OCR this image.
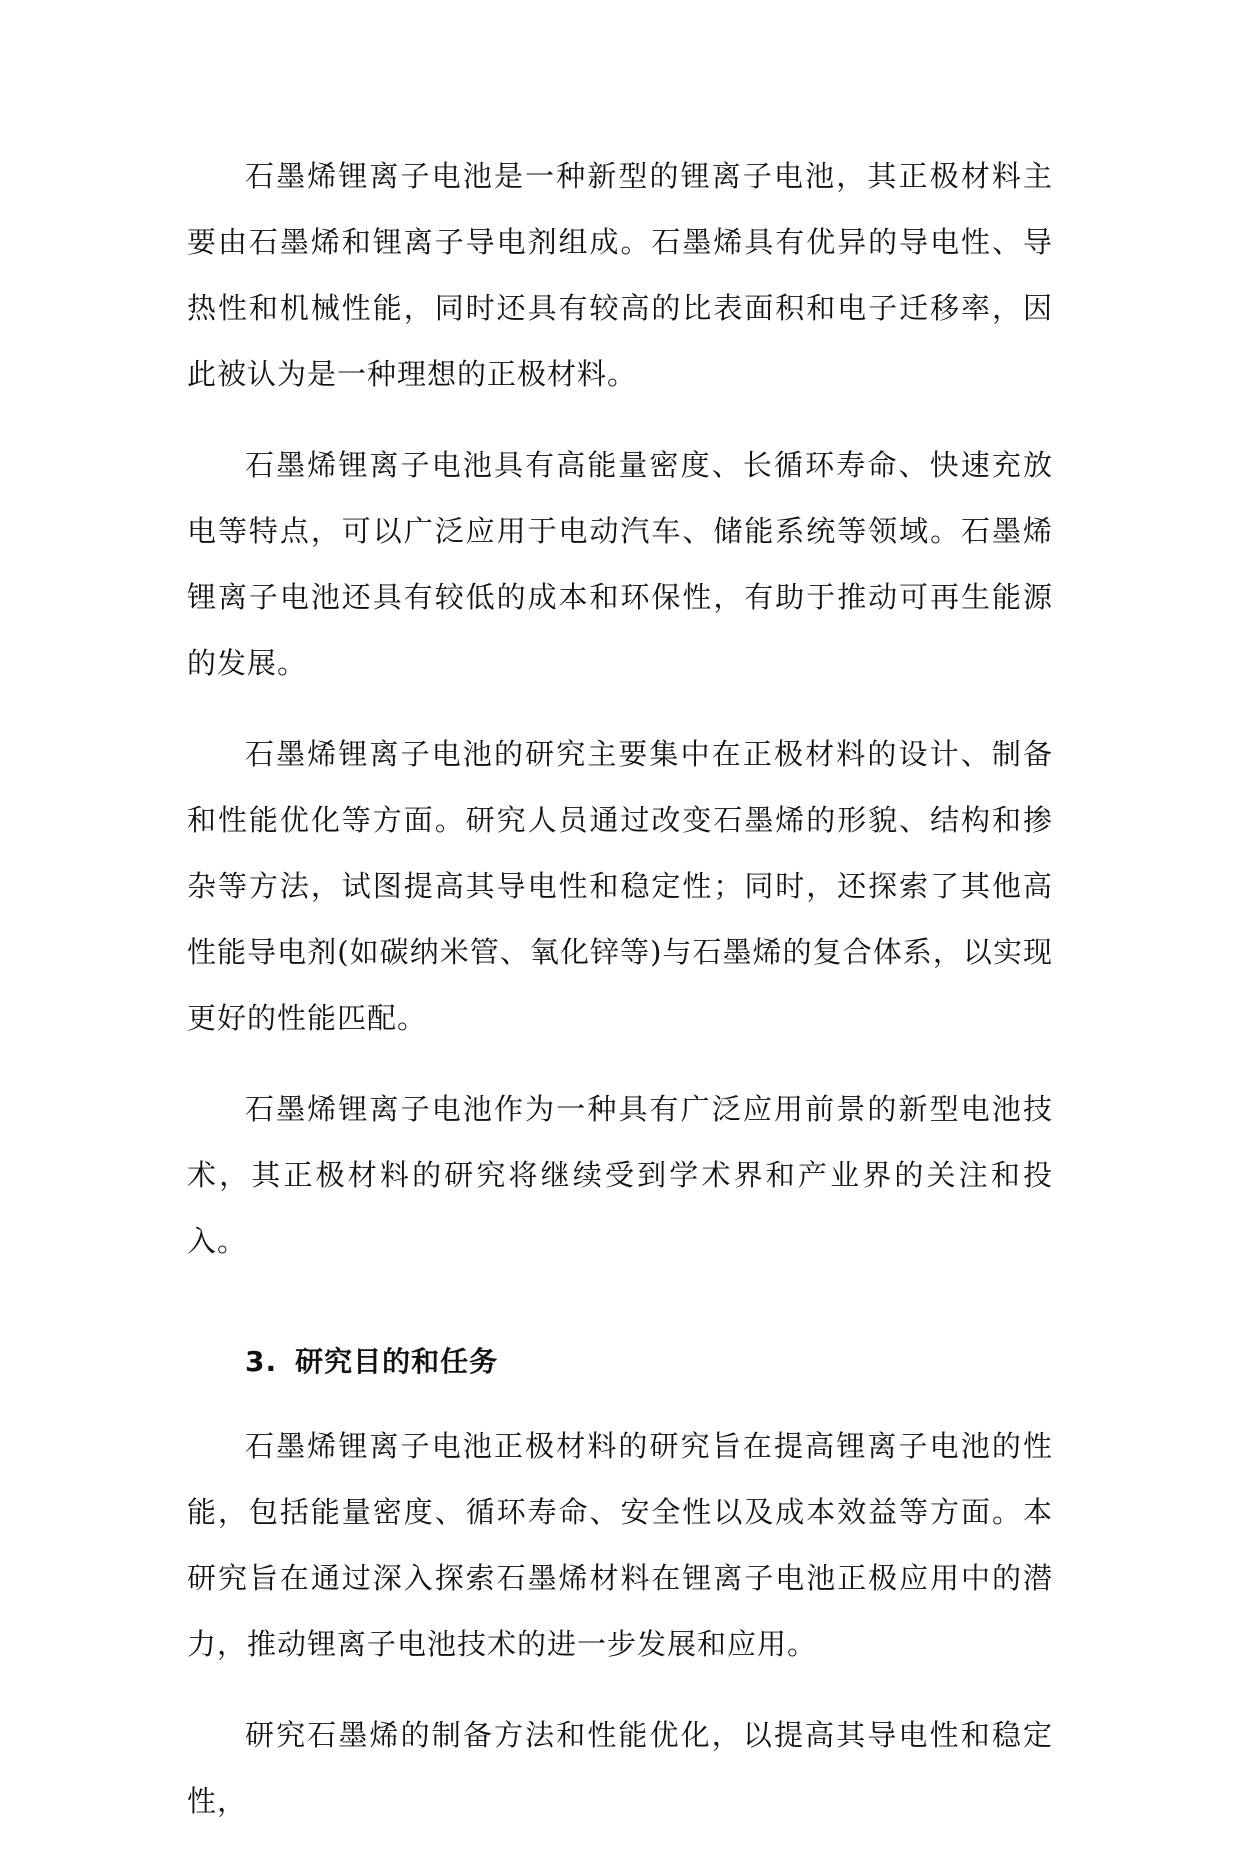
石墨烯锂离子电池是一种新型的锂离子电池，其正极材料主要由石墨烯和锂离子导电剂组成。石墨烯具有优异的导电性、导热性和机械性能，同时还具有较高的比表面积和电子迁移率，因此被认为是一种理想的正极材料。

石墨烯锂离子电池具有高能量密度、长循环寿命、快速充放电等特点，可以广泛应用于电动汽车、储能系统等领域。石墨烯锂离子电池还具有较低的成本和环保性，有助于推动可再生能源的发展。

石墨烯锂离子电池的研究主要集中在正极材料的设计、制备和性能优化等方面。研究人员通过改变石墨烯的形貌、结构和掺杂等方法，试图提高其导电性和稳定性；同时，还探索了其他高性能导电剂(如碳纳米管、氧化锌等)与石墨烯的复合体系，以实现更好的性能匹配。

石墨烯锂离子电池作为一种具有广泛应用前景的新型电池技术，其正极材料的研究将继续受到学术界和产业界的关注和投入。

3. 研究目的和任务

石墨烯锂离子电池正极材料的研究旨在提高锂离子电池的性能，包括能量密度、循环寿命、安全性以及成本效益等方面。本研究旨在通过深入探索石墨烯材料在锂离子电池正极应用中的潜力，推动锂离子电池技术的进一步发展和应用。

研究石墨烯的制备方法和性能优化，以提高其导电性和稳定性，
